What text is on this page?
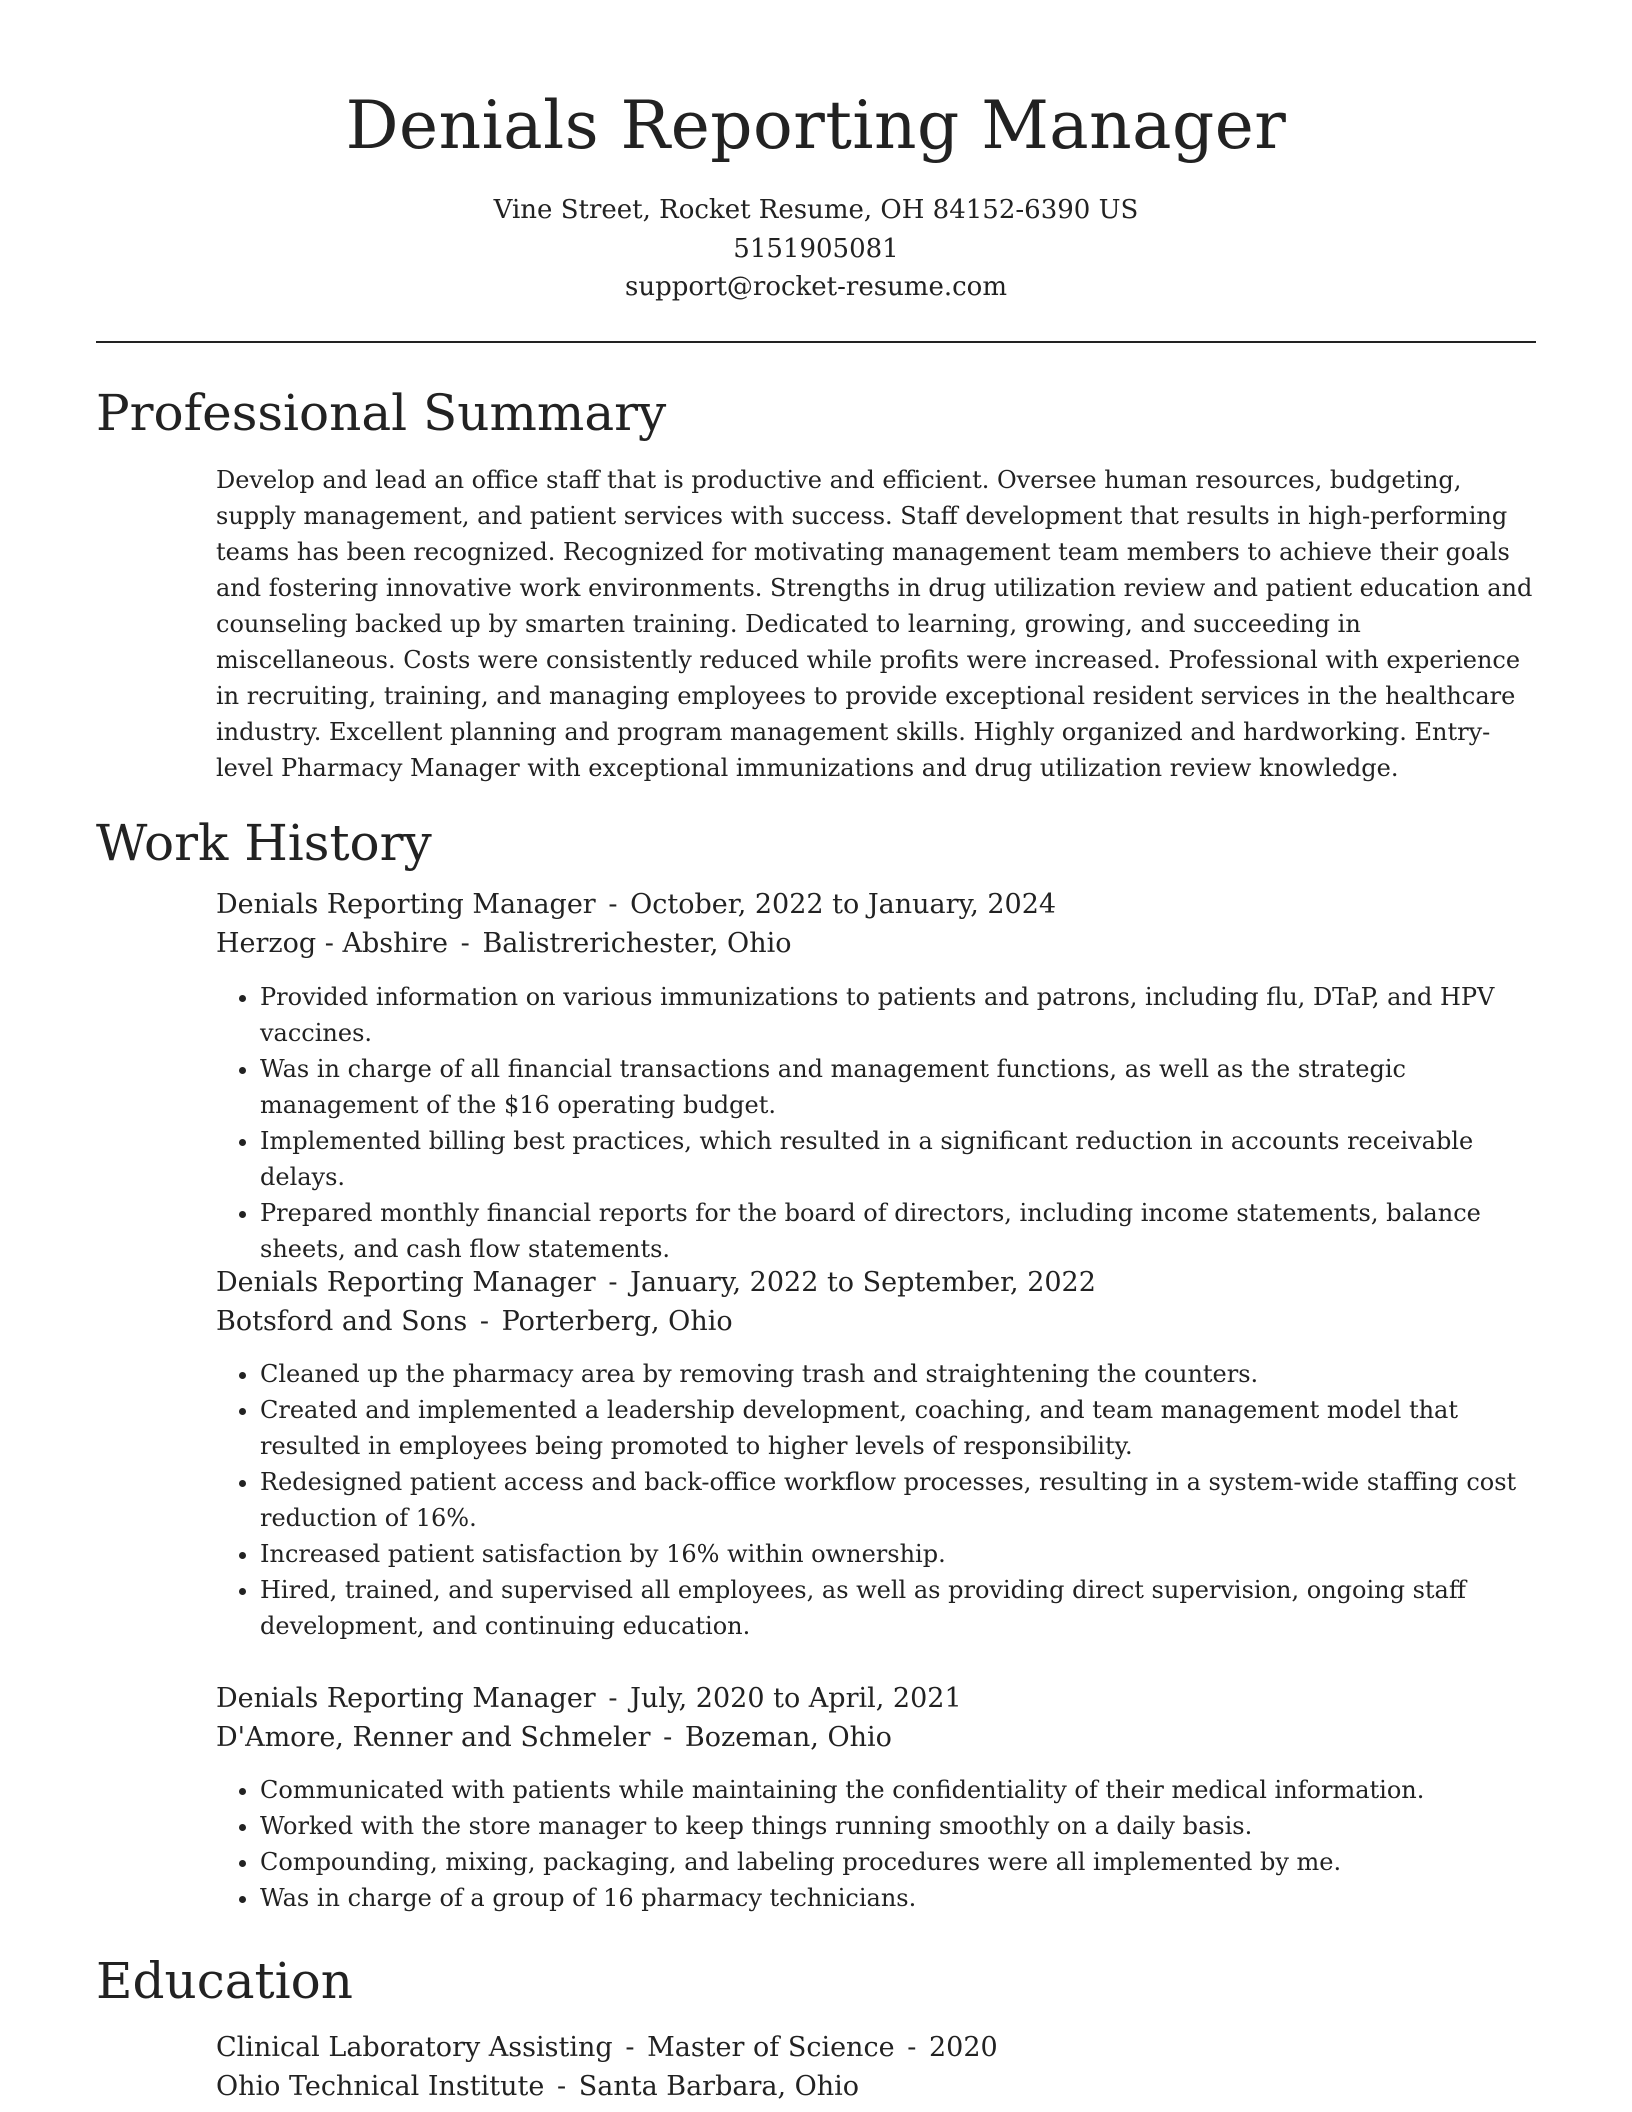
Denials Reporting Manager
Vine Street, Rocket Resume, OH 84152-6390 US
5151905081
support@rocket-resume.com
Professional Summary

Develop and lead an office staff that is productive and efficient. Oversee human resources, budgeting, supply management, and patient services with success. Staff development that results in high-performing teams has been recognized. Recognized for motivating management team members to achieve their goals and fostering innovative work environments. Strengths in drug utilization review and patient education and counseling backed up by smarten training. Dedicated to learning, growing, and succeeding in miscellaneous. Costs were consistently reduced while profits were increased. Professional with experience in recruiting, training, and managing employees to provide exceptional resident services in the healthcare industry. Excellent planning and program management skills. Highly organized and hardworking. Entry-level Pharmacy Manager with exceptional immunizations and drug utilization review knowledge.

Work History
Denials Reporting Manager - October, 2022 to January, 2024
Herzog - Abshire - Balistrerichester, Ohio
• Provided information on various immunizations to patients and patrons, including flu, DTaP, and HPV vaccines.
• Was in charge of all financial transactions and management functions, as well as the strategic management of the $16 operating budget.
• Implemented billing best practices, which resulted in a significant reduction in accounts receivable delays.
• Prepared monthly financial reports for the board of directors, including income statements, balance sheets, and cash flow statements.
Denials Reporting Manager - January, 2022 to September, 2022
Botsford and Sons - Porterberg, Ohio
• Cleaned up the pharmacy area by removing trash and straightening the counters.
• Created and implemented a leadership development, coaching, and team management model that resulted in employees being promoted to higher levels of responsibility.
• Redesigned patient access and back-office workflow processes, resulting in a system-wide staffing cost reduction of 16%.
• Increased patient satisfaction by 16% within ownership.
• Hired, trained, and supervised all employees, as well as providing direct supervision, ongoing staff development, and continuing education.
Denials Reporting Manager - July, 2020 to April, 2021
D'Amore, Renner and Schmeler - Bozeman, Ohio
• Communicated with patients while maintaining the confidentiality of their medical information.
• Worked with the store manager to keep things running smoothly on a daily basis.
• Compounding, mixing, packaging, and labeling procedures were all implemented by me.
• Was in charge of a group of 16 pharmacy technicians.
Education
Clinical Laboratory Assisting - Master of Science - 2020
Ohio Technical Institute - Santa Barbara, Ohio
